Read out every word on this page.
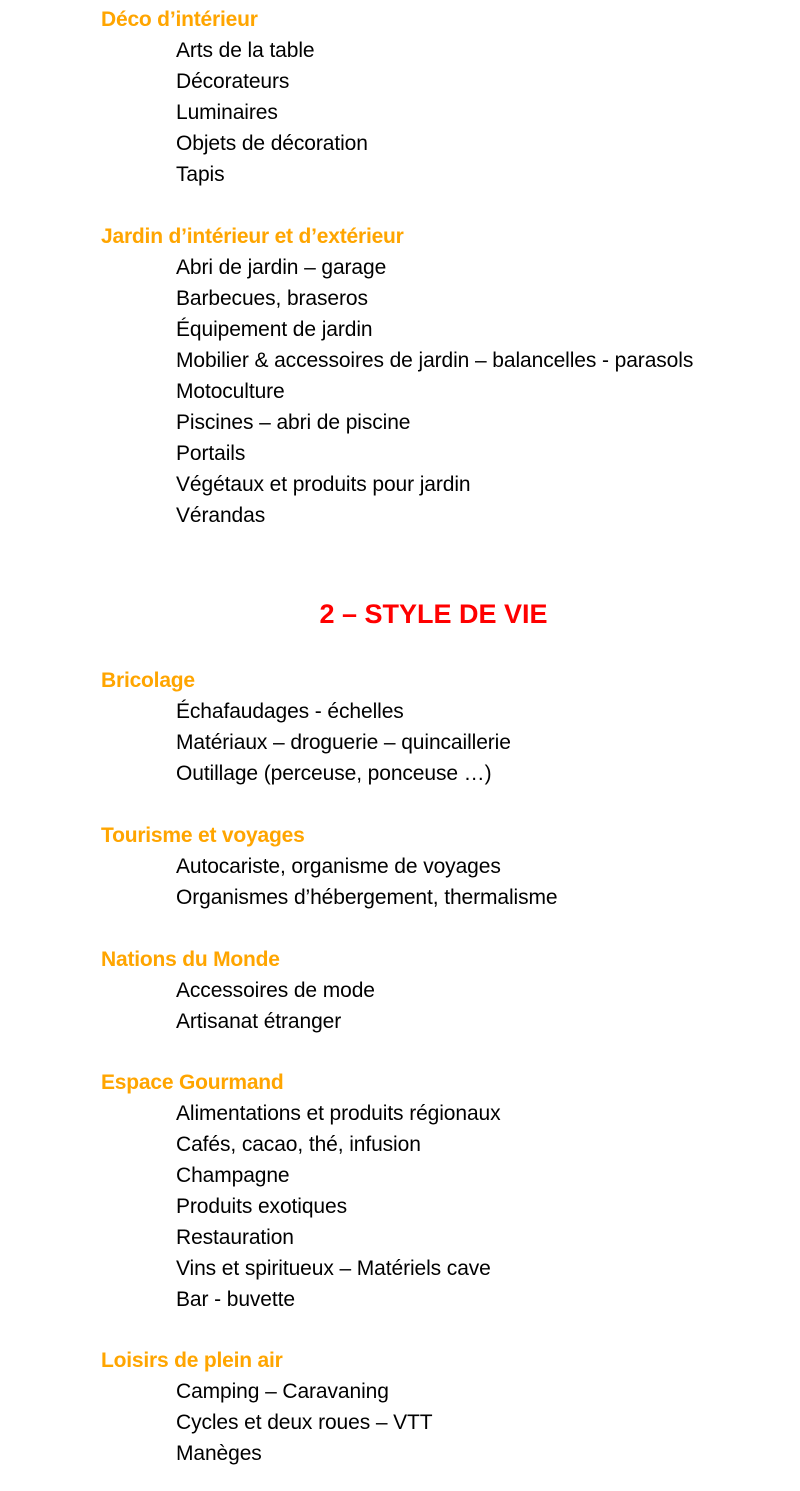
Déco d’intérieur
Arts de la table
Décorateurs
Luminaires
Objets de décoration
Tapis
Jardin d’intérieur et d’extérieur
Abri de jardin – garage
Barbecues, braseros
Équipement de jardin
Mobilier & accessoires de jardin – balancelles - parasols
Motoculture
Piscines – abri de piscine
Portails
Végétaux et produits pour jardin
Vérandas
2 – STYLE DE VIE
Bricolage
Échafaudages - échelles
Matériaux – droguerie – quincaillerie
Outillage (perceuse, ponceuse …)
Tourisme et voyages
Autocariste, organisme de voyages
Organismes d’hébergement, thermalisme
Nations du Monde
Accessoires de mode
Artisanat étranger
Espace Gourmand
Alimentations et produits régionaux
Cafés, cacao, thé, infusion
Champagne
Produits exotiques
Restauration
Vins et spiritueux – Matériels cave
Bar - buvette
Loisirs de plein air
Camping – Caravaning
Cycles et deux roues – VTT
Manèges
